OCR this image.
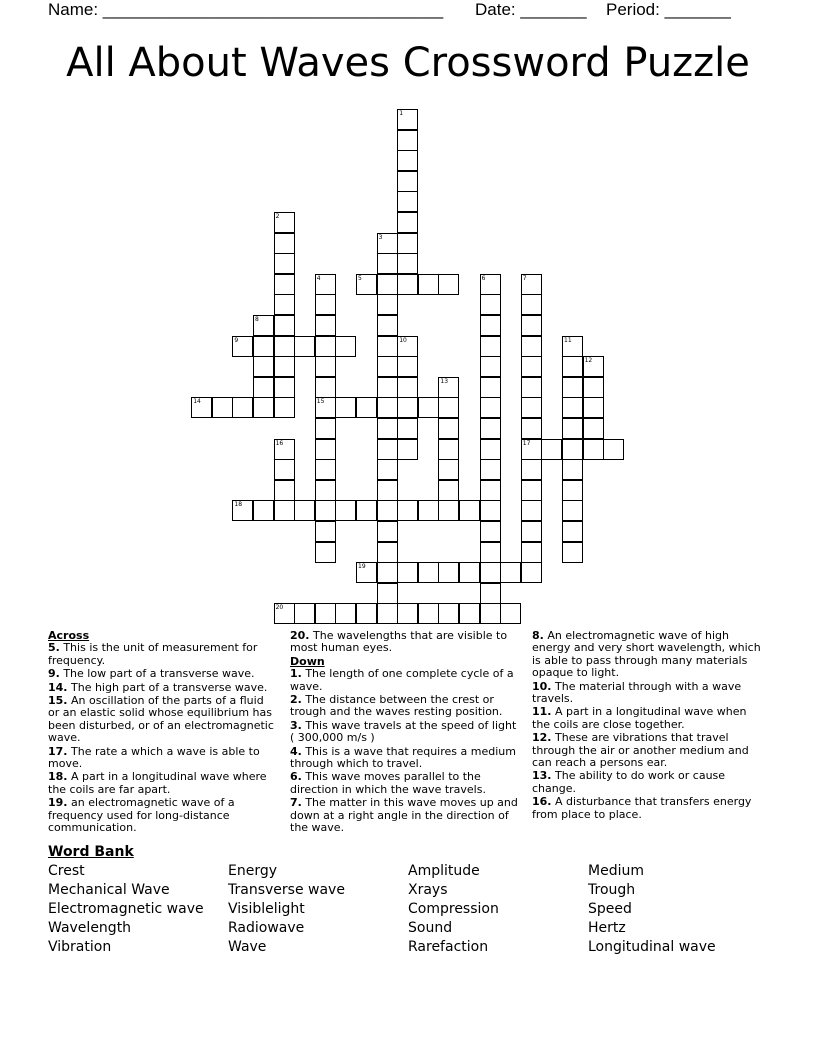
Name: ____________________________________ Date: _______ Period: _______
All About Waves Crossword Puzzle
1
2
3
4
15
5	6	7
17
8
9	10	11
12
13
14
16
18
19
20
Across
5. This is the unit of measurement for frequency.
9. The low part of a transverse wave.
14. The high part of a transverse wave.
15. An oscillation of the parts of a fluid or an elastic solid whose equilibrium has been disturbed, or of an electromagnetic wave.
17. The rate a which a wave is able to move.
18. A part in a longitudinal wave where the coils are far apart.
19. an electromagnetic wave of a frequency used for long-distance communication.
20. The wavelengths that are visible to most human eyes.
Down
1. The length of one complete cycle of a wave.
2. The distance between the crest or trough and the waves resting position.
3. This wave travels at the speed of light ( 300,000 m/s )
4. This is a wave that requires a medium through which to travel.
6. This wave moves parallel to the direction in which the wave travels.
7. The matter in this wave moves up and down at a right angle in the direction of the wave.
8. An electromagnetic wave of high energy and very short wavelength, which is able to pass through many materials opaque to light.
10. The material through with a wave travels.
11. A part in a longitudinal wave when the coils are close together.
12. These are vibrations that travel through the air or another medium and can reach a persons ear.
13. The ability to do work or cause change.
16. A disturbance that transfers energy from place to place.
Word Bank
Crest
Mechanical Wave
Electromagnetic wave
Wavelength
Vibration
Energy
Transverse wave
Visiblelight
Radiowave
Wave
Amplitude
Xrays
Compression
Sound
Rarefaction
Medium
Trough
Speed
Hertz
Longitudinal wave
